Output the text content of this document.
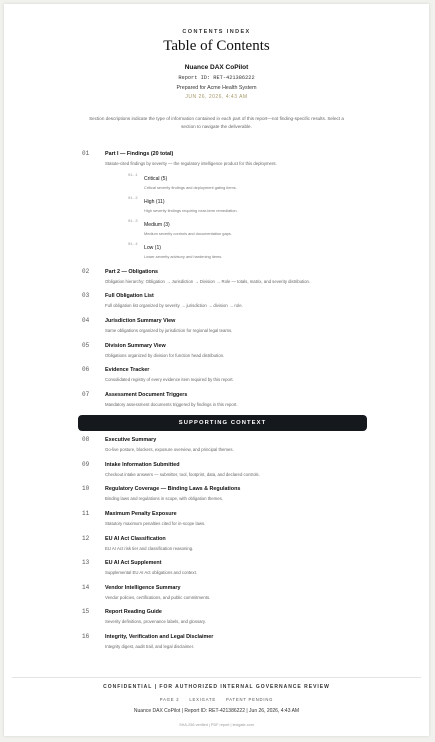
CONTENTS INDEX
Table of Contents
Nuance DAX CoPilot
Report ID: RET-421386222
Prepared for Acme Health System
JUN 26, 2026, 4:43 AM
Section descriptions indicate the type of information contained in each part of this report—not finding-specific results. Select a section to navigate the deliverable.
01	Part I — Findings (20 total)
Statute-cited findings by severity — the regulatory intelligence product for this deployment.
01.1 Critical (5)
Critical severity findings and deployment gating items.
01.2 High (11)
High severity findings requiring near-term remediation.
01.3 Medium (3)
Medium severity controls and documentation gaps.
01.4 Low (1)
Lower-severity advisory and hardening items.
02	Part 2 — Obligations
Obligation hierarchy: Obligation → Jurisdiction → Division → Role — totals, matrix, and severity distribution.
03	Full Obligation List
Full obligation list organized by severity → jurisdiction → division → role.
04	Jurisdiction Summary View
Same obligations organized by jurisdiction for regional legal teams.
05	Division Summary View
Obligations organized by division for function head distribution.
06	Evidence Tracker
Consolidated registry of every evidence item required by this report.
07	Assessment Document Triggers
Mandatory assessment documents triggered by findings in this report.
SUPPORTING CONTEXT
08	Executive Summary
Go-live posture, blockers, exposure overview, and principal themes.
09	Intake Information Submitted
Checkout intake answers — submitter, tool, footprint, data, and declared controls.
10	Regulatory Coverage — Binding Laws & Regulations
Binding laws and regulations in scope, with obligation themes.
11	Maximum Penalty Exposure
Statutory maximum penalties cited for in-scope laws.
12	EU AI Act Classification
EU AI Act risk tier and classification reasoning.
13	EU AI Act Supplement
Supplemental EU AI Act obligations and context.
14	Vendor Intelligence Summary
Vendor policies, certifications, and public commitments.
15	Report Reading Guide
Severity definitions, provenance labels, and glossary.
16	Integrity, Verification and Legal Disclaimer
Integrity digest, audit trail, and legal disclaimer.
CONFIDENTIAL | FOR AUTHORIZED INTERNAL GOVERNANCE REVIEW
PAGE 2 LEXIGATE PATENT PENDING
Nuance DAX CoPilot | Report ID: RET-421386222 | Jun 26, 2026, 4:43 AM
SHA-256 verified | PDF report | lexigate.com
